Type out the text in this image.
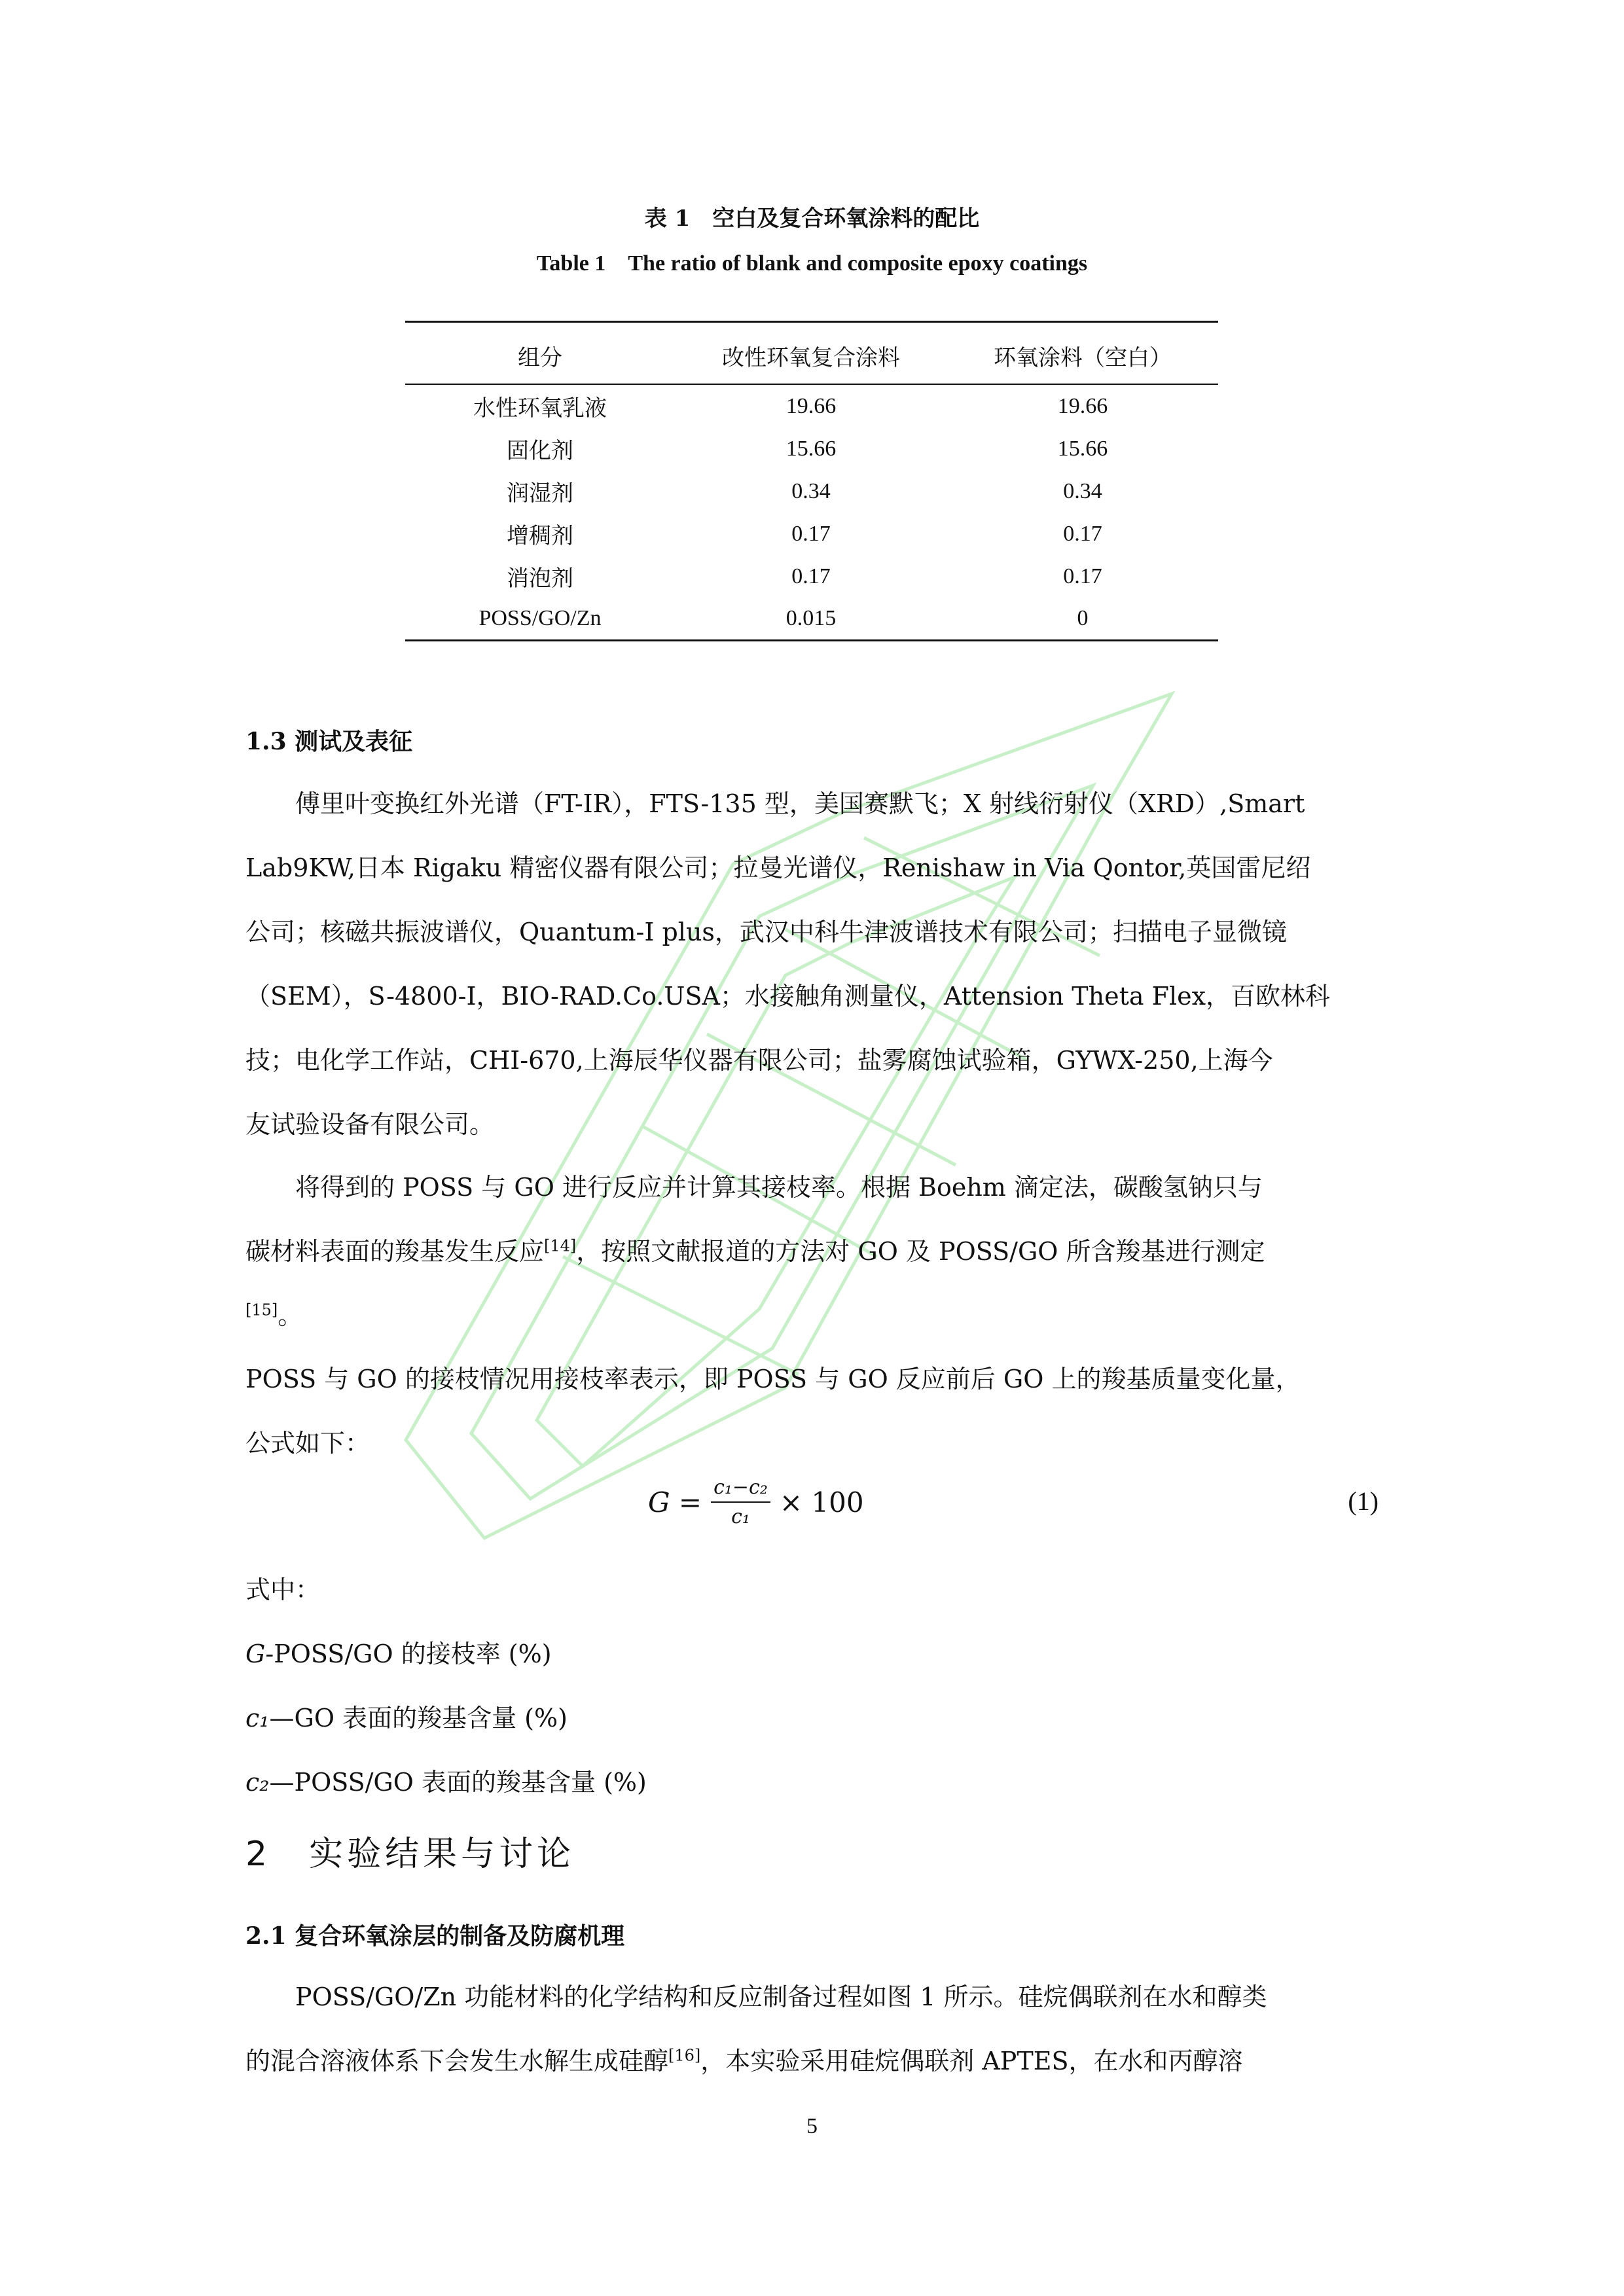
表 1　空白及复合环氧涂料的配比
Table 1　The ratio of blank and composite epoxy coatings
组分	改性环氧复合涂料	环氧涂料（空白）
水性环氧乳液	19.66	19.66
固化剂	15.66	15.66
润湿剂	0.34	0.34
增稠剂	0.17	0.17
消泡剂	0.17	0.17
POSS/GO/Zn	0.015	0
1.3 测试及表征
傅里叶变换红外光谱（FT-IR），FTS-135 型，美国赛默飞；X 射线衍射仪（XRD）,Smart
Lab9KW,日本 Rigaku 精密仪器有限公司；拉曼光谱仪，Renishaw in Via Qontor,英国雷尼绍
公司；核磁共振波谱仪，Quantum-I plus，武汉中科牛津波谱技术有限公司；扫描电子显微镜
（SEM），S-4800-I，BIO-RAD.Co.USA；水接触角测量仪，Attension Theta Flex，百欧林科
技；电化学工作站，CHI-670,上海辰华仪器有限公司；盐雾腐蚀试验箱，GYWX-250,上海今
友试验设备有限公司。
将得到的 POSS 与 GO 进行反应并计算其接枝率。根据 Boehm 滴定法，碳酸氢钠只与
碳材料表面的羧基发生反应[14]，按照文献报道的方法对 GO 及 POSS/GO 所含羧基进行测定
[15]。
POSS 与 GO 的接枝情况用接枝率表示，即 POSS 与 GO 反应前后 GO 上的羧基质量变化量，
公式如下：
$G = \frac{\text{c₁−c₂}}{\text{c₁}} \times 100$	(1)
式中：
G-POSS/GO 的接枝率 (%)
c₁—GO 表面的羧基含量 (%)
c₂—POSS/GO 表面的羧基含量 (%)
2　实验结果与讨论
2.1 复合环氧涂层的制备及防腐机理
POSS/GO/Zn 功能材料的化学结构和反应制备过程如图 1 所示。硅烷偶联剂在水和醇类
的混合溶液体系下会发生水解生成硅醇[16]，本实验采用硅烷偶联剂 APTES，在水和丙醇溶
5
